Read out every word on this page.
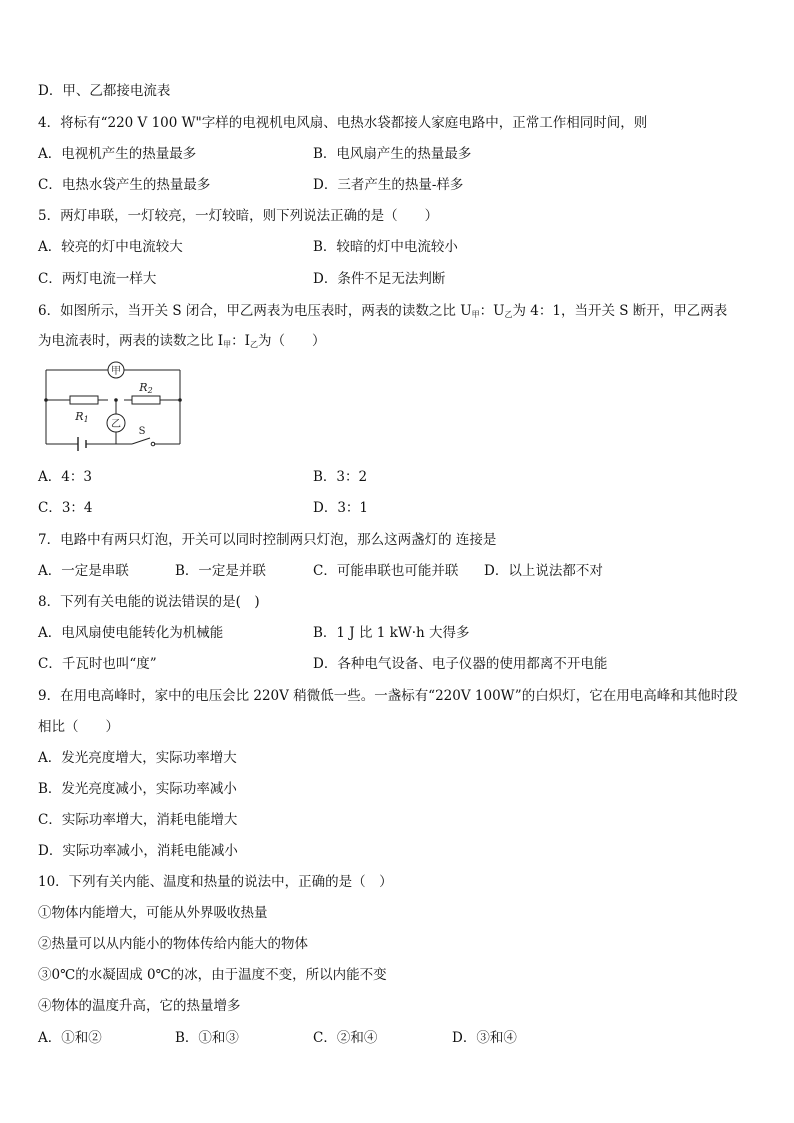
D．甲、乙都接电流表
4．将标有“220 V 100 W"字样的电视机电风扇、电热水袋都接人家庭电路中，正常工作相同时间，则
A．电视机产生的热量最多	B．电风扇产生的热量最多
C．电热水袋产生的热量最多	D．三者产生的热量-样多
5．两灯串联，一灯较亮，一灯较暗，则下列说法正确的是（　　）
A．较亮的灯中电流较大	B．较暗的灯中电流较小
C．两灯电流一样大	D．条件不足无法判断
6．如图所示，当开关 S 闭合，甲乙两表为电压表时，两表的读数之比 $U_甲$：$U_乙$为 4：1，当开关 S 断开，甲乙两表
为电流表时，两表的读数之比 $I_甲$：$I_乙$为（　　）
甲
乙
R1
R2
S
A．4：3	B．3：2
C．3：4	D．3：1
7．电路中有两只灯泡，开关可以同时控制两只灯泡，那么这两盏灯的 连接是
A．一定是串联	B．一定是并联	C．可能串联也可能并联 D．以上说法都不对
8．下列有关电能的说法错误的是(　)
A．电风扇使电能转化为机械能	B．1 J 比 1 kW·h 大得多
C．千瓦时也叫“度”	D．各种电气设备、电子仪器的使用都离不开电能
9．在用电高峰时，家中的电压会比 220V 稍微低一些。一盏标有“220V 100W”的白炽灯，它在用电高峰和其他时段
相比（　　）
A．发光亮度增大，实际功率增大
B．发光亮度减小，实际功率减小
C．实际功率增大，消耗电能增大
D．实际功率减小，消耗电能减小
10．下列有关内能、温度和热量的说法中，正确的是（　）
①物体内能增大，可能从外界吸收热量
②热量可以从内能小的物体传给内能大的物体
③0℃的水凝固成 0℃的冰，由于温度不变，所以内能不变
④物体的温度升高，它的热量增多
A．①和②	B．①和③	C．②和④	D．③和④
